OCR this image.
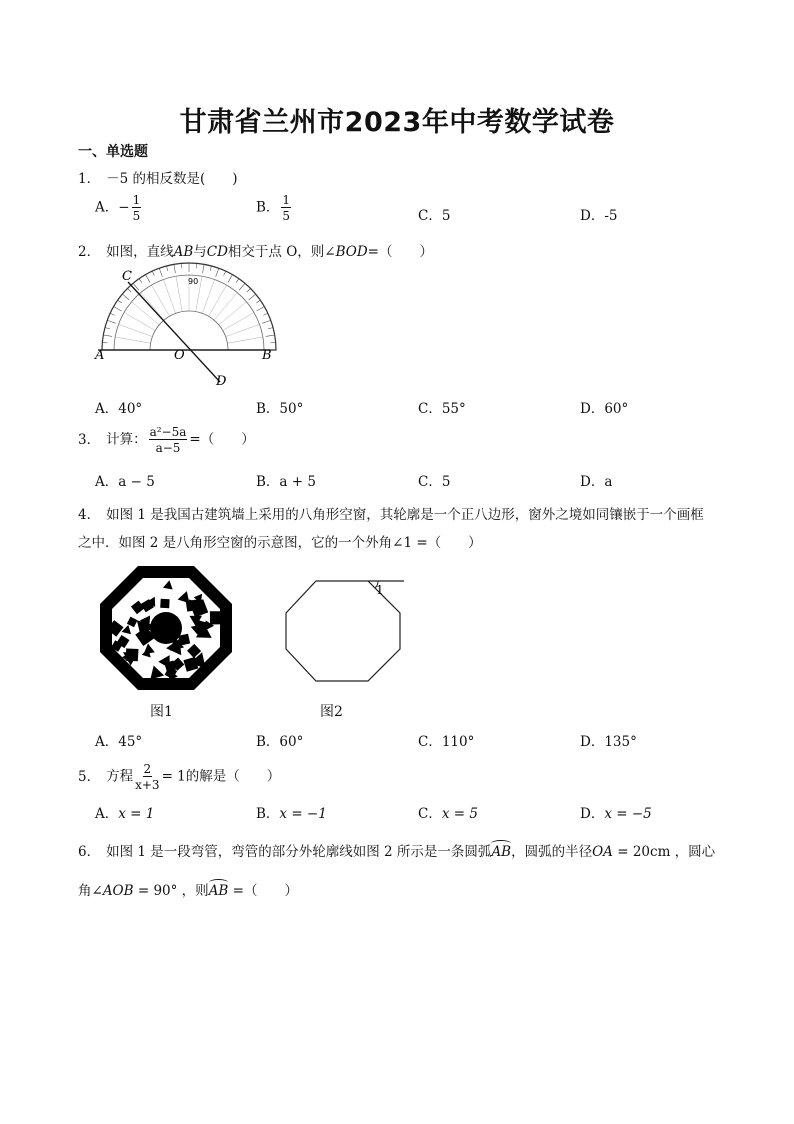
甘肃省兰州市2023年中考数学试卷
一、单选题
1． －5 的相反数是(　　)
A．− $\frac{1}{5}$	B． $\frac{1}{5}$	C．5	D．-5
2． 如图，直线AB与CD相交于点 O，则∠BOD=（　　）
90
C
A	O	B
D
A．40°	B．50°	C．55°	D．60°
3． 计算： $\frac{\text{a²−5a}}{a-5}$ =（　　）
A．a − 5	B．a + 5	C．5	D．a
4． 如图 1 是我国古建筑墙上采用的八角形空窗，其轮廓是一个正八边形，窗外之境如同镶嵌于一个画框
之中．如图 2 是八角形空窗的示意图，它的一个外角∠1 =（　　）
1
图1	图2
A．45°	B．60°	C．110°	D．135°
5． 方程 $\frac{2}{x+3} = 1$的解是（　　）
A．x = 1	B．x = −1	C．x = 5	D．x = −5
6． 如图 1 是一段弯管，弯管的部分外轮廓线如图 2 所示是一条圆弧AB，圆弧的半径OA = 20cm ，圆心
角∠AOB = 90° ，则AB =（　　）
